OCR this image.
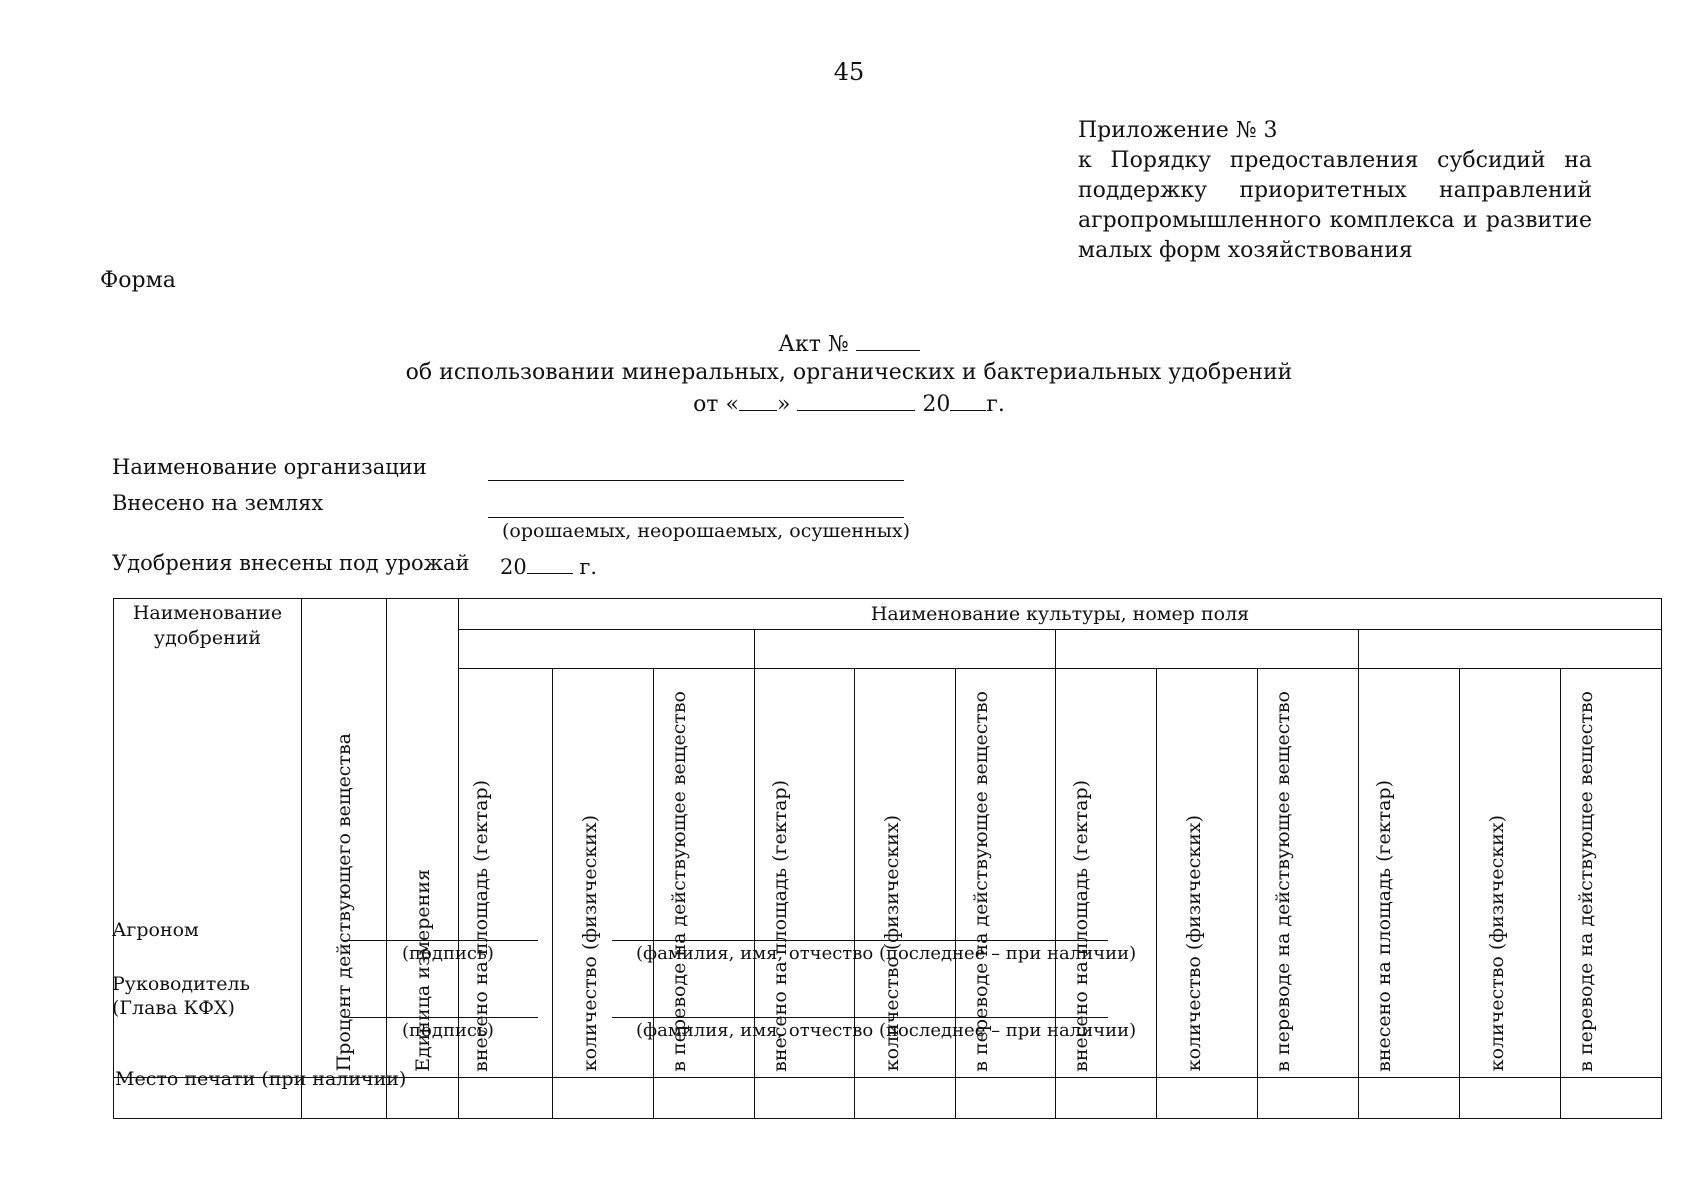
45
Приложение № 3
к Порядку предоставления субсидий на
поддержку приоритетных направлений
агропромышленного комплекса и развитие
малых форм хозяйствования
Форма
Акт №
об использовании минеральных, органических и бактериальных удобрений
от « »	20 г.
Наименование организации
Внесено на землях
(орошаемых, неорошаемых, осушенных)
Удобрения внесены под урожай 20	г.
Наименование удобрений	Процент действующего вещества	Единица измерения	Наименование культуры, номер поля											

			внесено на площадь (гектар)	количество (физических)	в переводе на действующее вещество	внесено на площадь (гектар)	количество (физических)	в переводе на действующее вещество	внесено на площадь (гектар)	количество (физических)	в переводе на действующее вещество	внесено на площадь (гектар)	количество (физических)	в переводе на действующее вещество

Агроном
(подпись)	(фамилия, имя, отчество (последнее – при наличии)
Руководитель (Глава КФХ)
(подпись)	(фамилия, имя, отчество (последнее – при наличии)
Место печати (при наличии)
